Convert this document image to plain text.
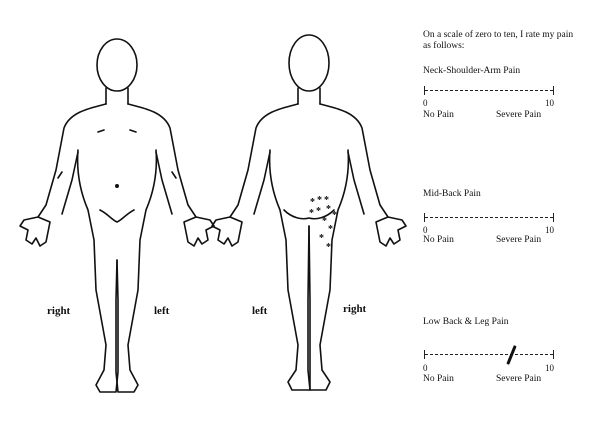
* * *
* * *
*
*
*
*
*
right	left	left	right
On a scale of zero to ten, I rate my pain as follows:
Neck-Shoulder-Arm Pain
0	10
No Pain	Severe Pain
Mid-Back Pain
0
No Pain	Severe Pain
10
Low Back & Leg Pain
0	10
No Pain	Severe Pain
